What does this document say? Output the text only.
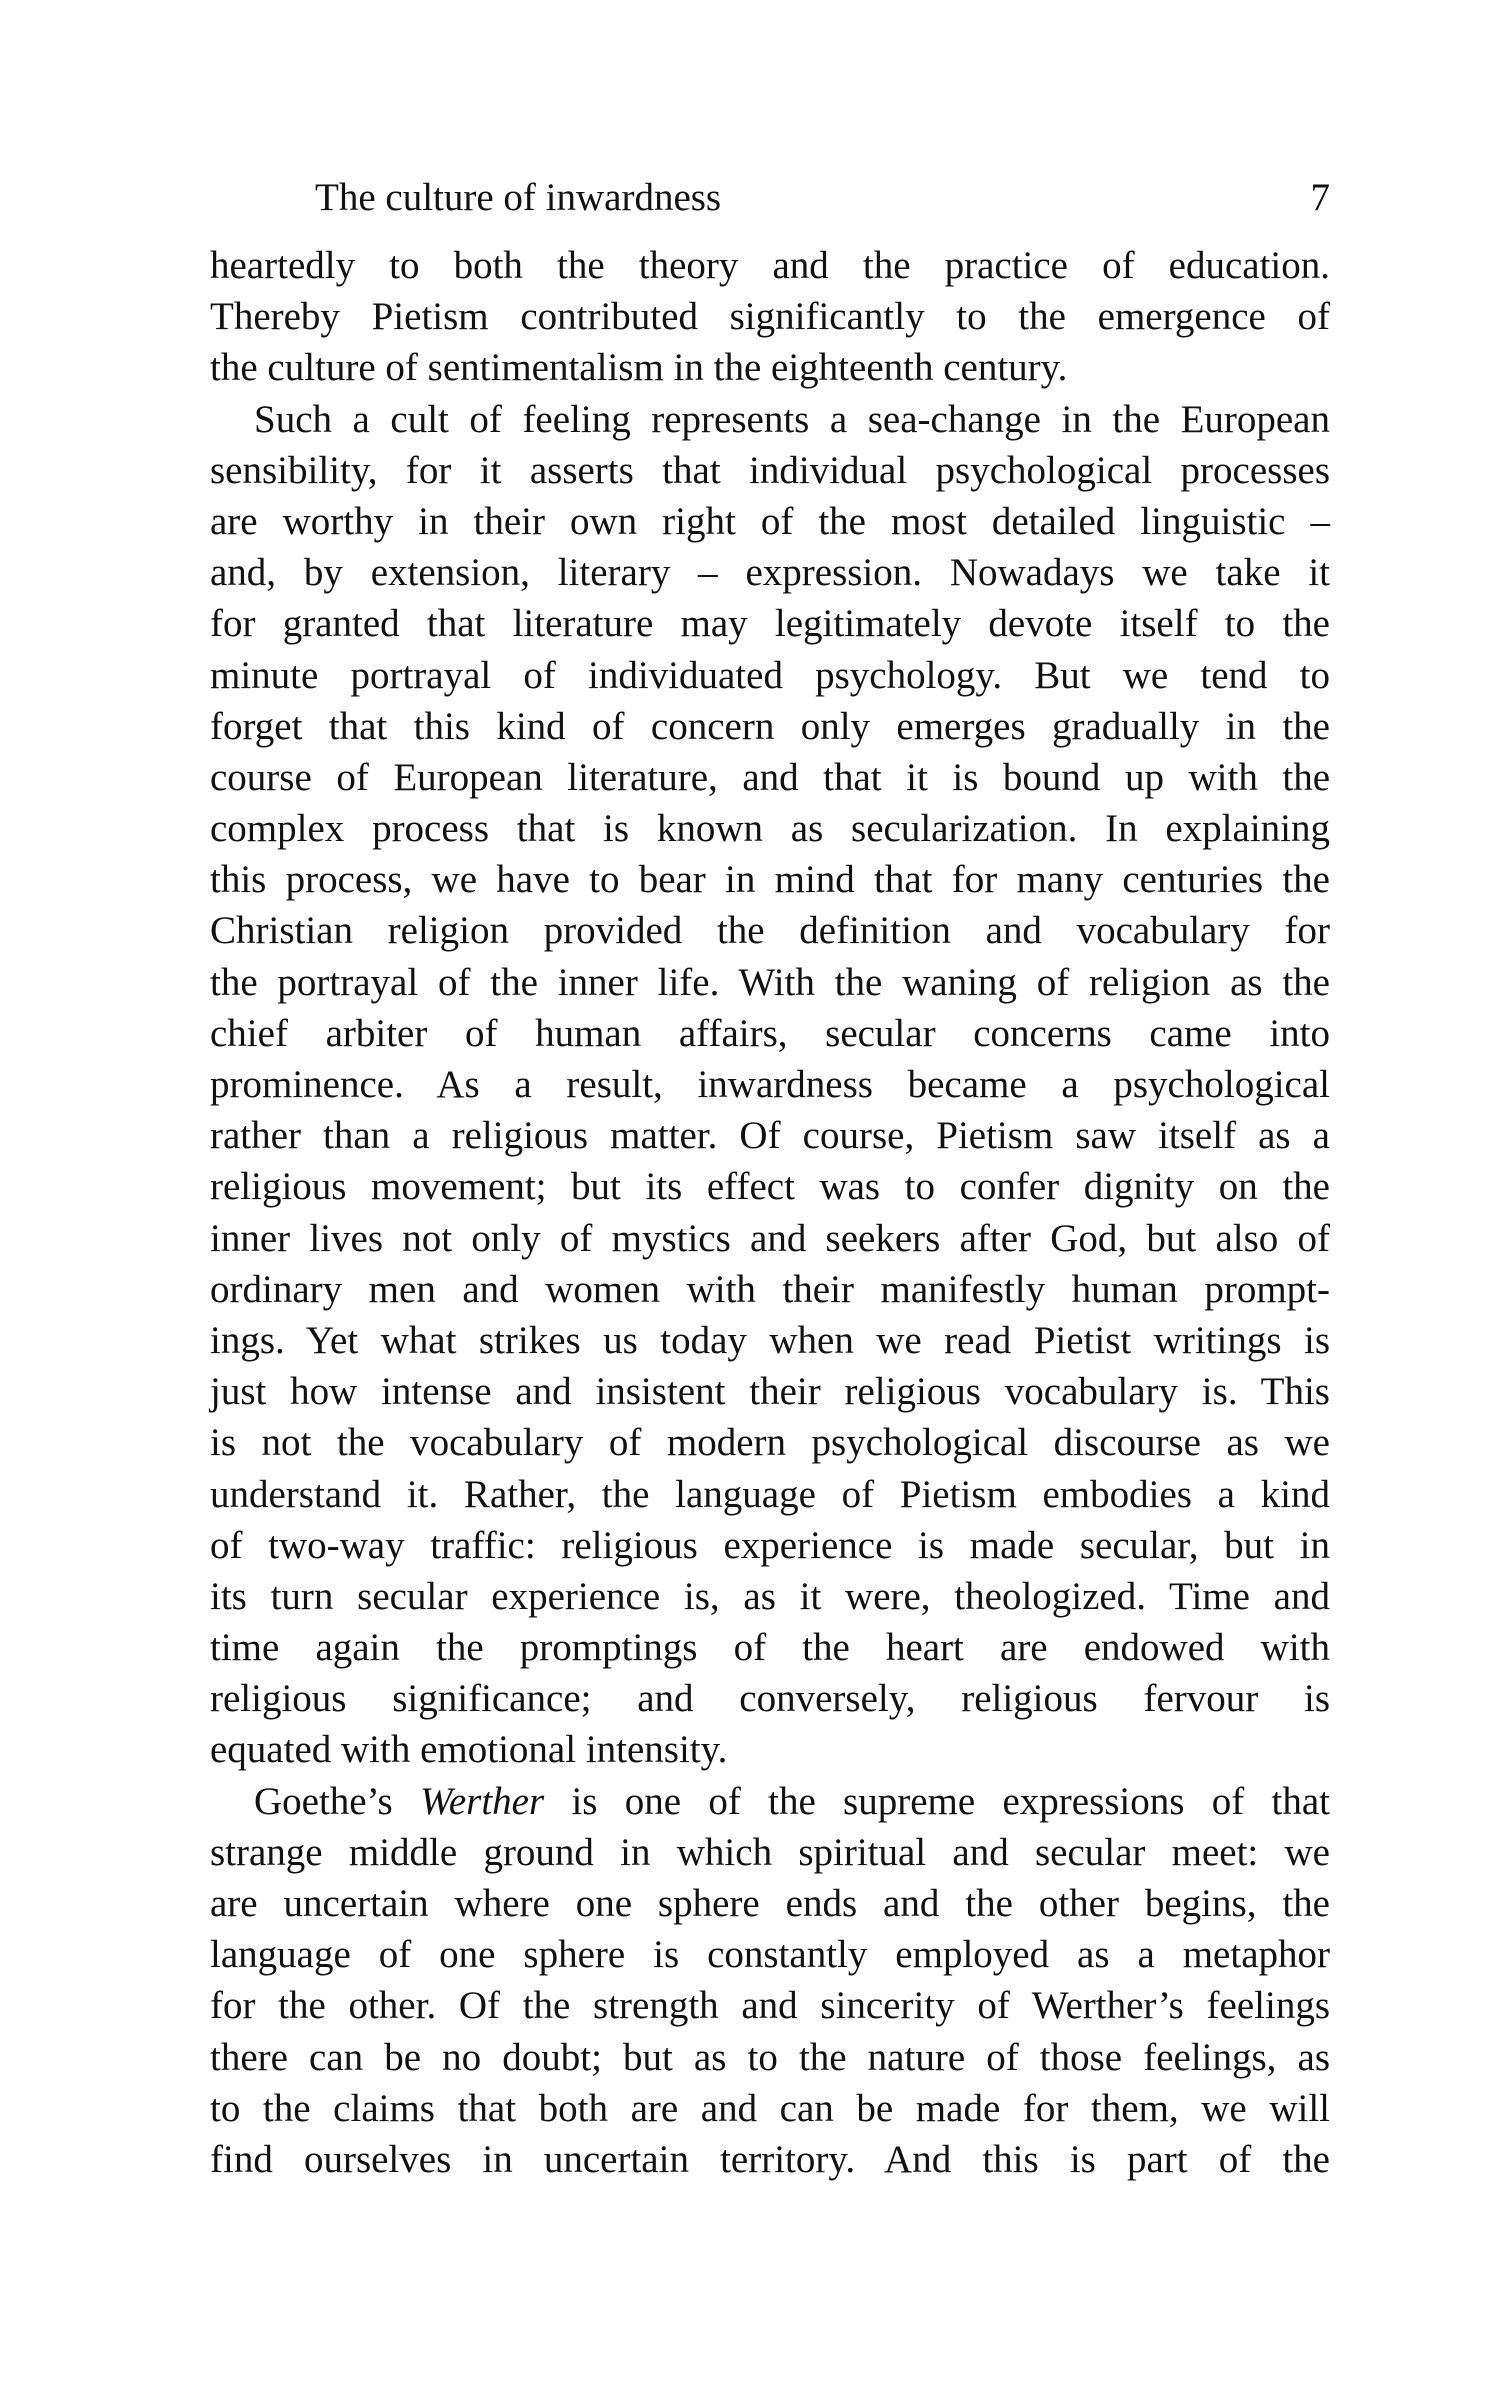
The culture of inwardness	7
heartedly to both the theory and the practice of education.
Thereby Pietism contributed significantly to the emergence of
the culture of sentimentalism in the eighteenth century.
Such a cult of feeling represents a sea-change in the European
sensibility, for it asserts that individual psychological processes
are worthy in their own right of the most detailed linguistic –
and, by extension, literary – expression. Nowadays we take it
for granted that literature may legitimately devote itself to the
minute portrayal of individuated psychology. But we tend to
forget that this kind of concern only emerges gradually in the
course of European literature, and that it is bound up with the
complex process that is known as secularization. In explaining
this process, we have to bear in mind that for many centuries the
Christian religion provided the definition and vocabulary for
the portrayal of the inner life. With the waning of religion as the
chief arbiter of human affairs, secular concerns came into
prominence. As a result, inwardness became a psychological
rather than a religious matter. Of course, Pietism saw itself as a
religious movement; but its effect was to confer dignity on the
inner lives not only of mystics and seekers after God, but also of
ordinary men and women with their manifestly human prompt-
ings. Yet what strikes us today when we read Pietist writings is
just how intense and insistent their religious vocabulary is. This
is not the vocabulary of modern psychological discourse as we
understand it. Rather, the language of Pietism embodies a kind
of two-way traffic: religious experience is made secular, but in
its turn secular experience is, as it were, theologized. Time and
time again the promptings of the heart are endowed with
religious significance; and conversely, religious fervour is
equated with emotional intensity.
Goethe’s Werther is one of the supreme expressions of that
strange middle ground in which spiritual and secular meet: we
are uncertain where one sphere ends and the other begins, the
language of one sphere is constantly employed as a metaphor
for the other. Of the strength and sincerity of Werther’s feelings
there can be no doubt; but as to the nature of those feelings, as
to the claims that both are and can be made for them, we will
find ourselves in uncertain territory. And this is part of the
